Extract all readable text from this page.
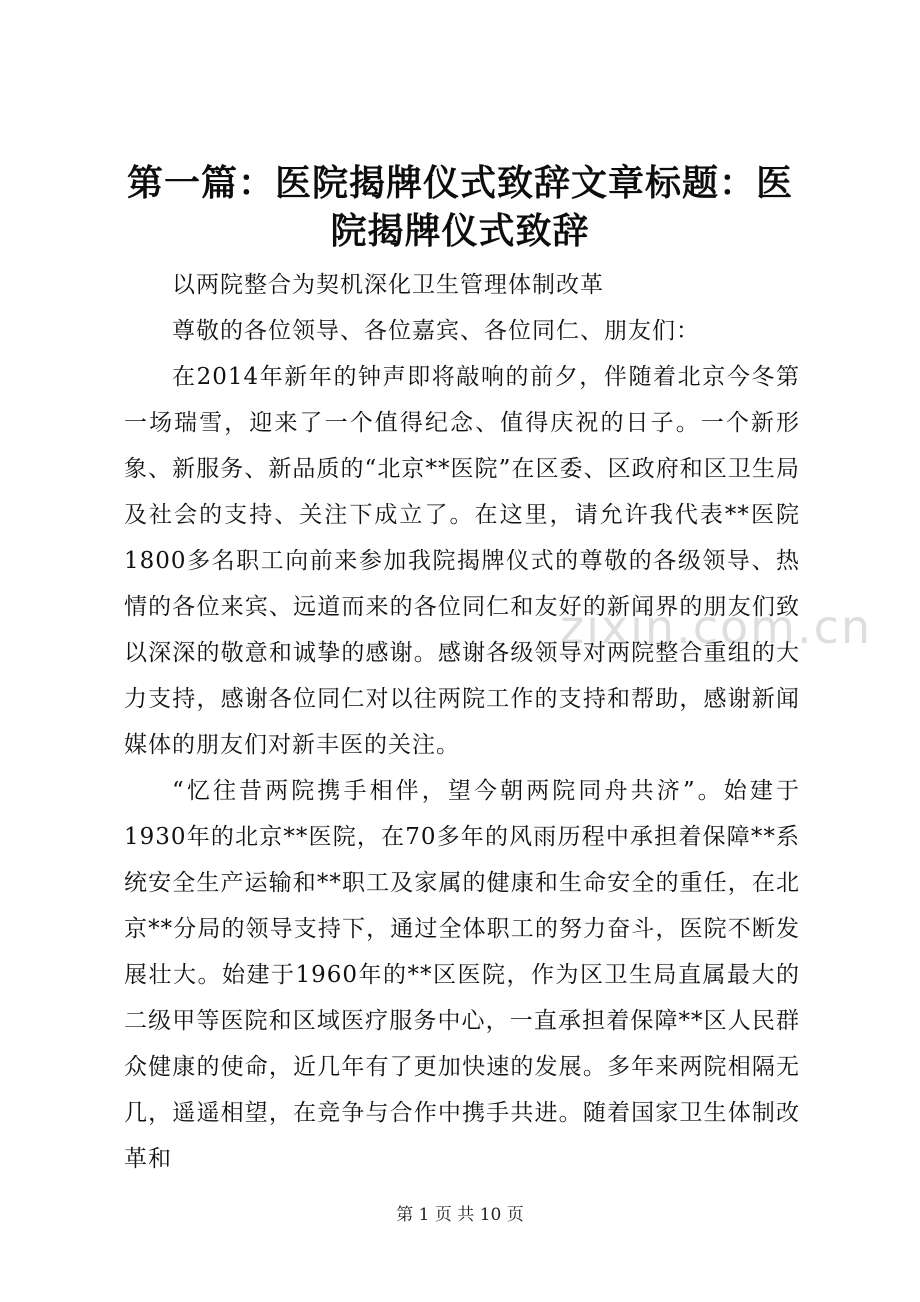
第一篇：医院揭牌仪式致辞文章标题：医院揭牌仪式致辞

以两院整合为契机深化卫生管理体制改革

尊敬的各位领导、各位嘉宾、各位同仁、朋友们：

在2014年新年的钟声即将敲响的前夕，伴随着北京今冬第一场瑞雪，迎来了一个值得纪念、值得庆祝的日子。一个新形象、新服务、新品质的“北京**医院”在区委、区政府和区卫生局及社会的支持、关注下成立了。在这里，请允许我代表**医院1800多名职工向前来参加我院揭牌仪式的尊敬的各级领导、热情的各位来宾、远道而来的各位同仁和友好的新闻界的朋友们致以深深的敬意和诚挚的感谢。感谢各级领导对两院整合重组的大力支持，感谢各位同仁对以往两院工作的支持和帮助，感谢新闻媒体的朋友们对新丰医的关注。

“忆往昔两院携手相伴，望今朝两院同舟共济”。始建于1930年的北京**医院，在70多年的风雨历程中承担着保障**系统安全生产运输和**职工及家属的健康和生命安全的重任，在北京**分局的领导支持下，通过全体职工的努力奋斗，医院不断发展壮大。始建于1960年的**区医院，作为区卫生局直属最大的二级甲等医院和区域医疗服务中心，一直承担着保障**区人民群众健康的使命，近几年有了更加快速的发展。多年来两院相隔无几，遥遥相望，在竞争与合作中携手共进。随着国家卫生体制改革和

zixin.com.cn
第 1 页 共 10 页
